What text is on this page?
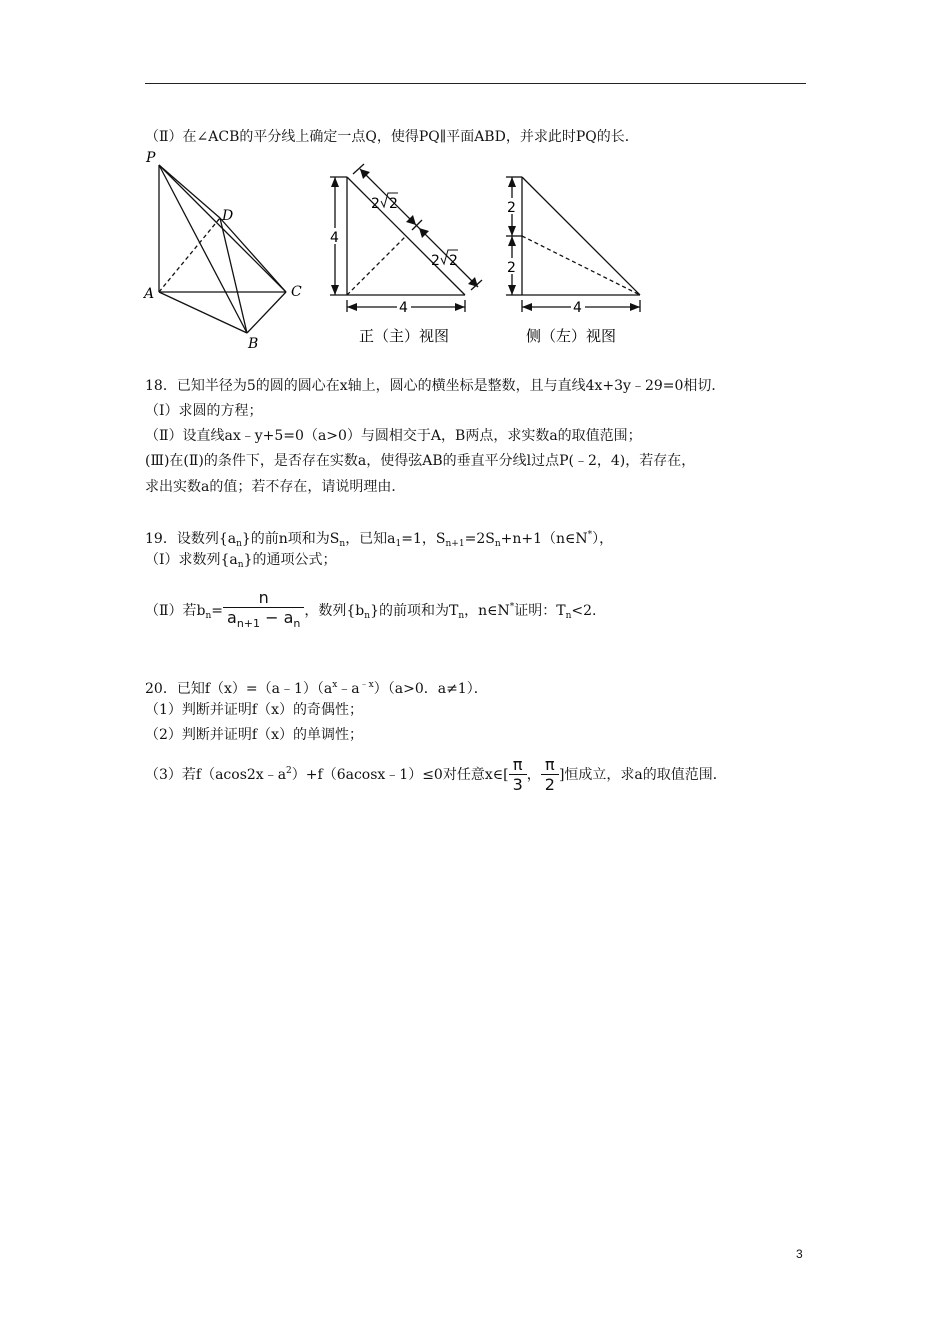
（Ⅱ）在∠ACB的平分线上确定一点Q，使得PQ∥平面ABD，并求此时PQ的长．
P
A
B
C
D
4
4
2 2
2 2
正（主）视图
2
2
4
侧（左）视图
18．已知半径为5的圆的圆心在x轴上，圆心的横坐标是整数，且与直线4x+3y﹣29=0相切．
（Ⅰ）求圆的方程；
（Ⅱ）设直线ax﹣y+5=0（a>0）与圆相交于A，B两点，求实数a的取值范围；
(Ⅲ)在(Ⅱ)的条件下，是否存在实数a，使得弦AB的垂直平分线l过点P(﹣2，4)，若存在，
求出实数a的值；若不存在，请说明理由．
19．设数列$\{a_n\}$的前n项和为$S_n$，已知$a_1=1$，$S_{n+1}=2S_n+n+1(n\in N^*)$，
（Ⅰ）求数列$\{a_n\}$的通项公式；
（Ⅱ）若$b_n= \frac{n}{a_{n+1} - a_n}$ ，数列$\{b_n\}$的前项和为$T_n$，n∈N*证明：$T_n<2$.
20．已知$f(x)=(a﹣1)(a^x﹣a^{﹣x})(a>0$．a≠1）．
（1）判断并证明f（x）的奇偶性；
（2）判断并证明f（x）的单调性；
（3）若$f(acos2x﹣a^2)+f(6acosx﹣1)\le 0$对任意x∈[ $\frac{\pi}{3}$ ， $\frac{\pi}{2}$ ]恒成立，求a的取值范围．
3
